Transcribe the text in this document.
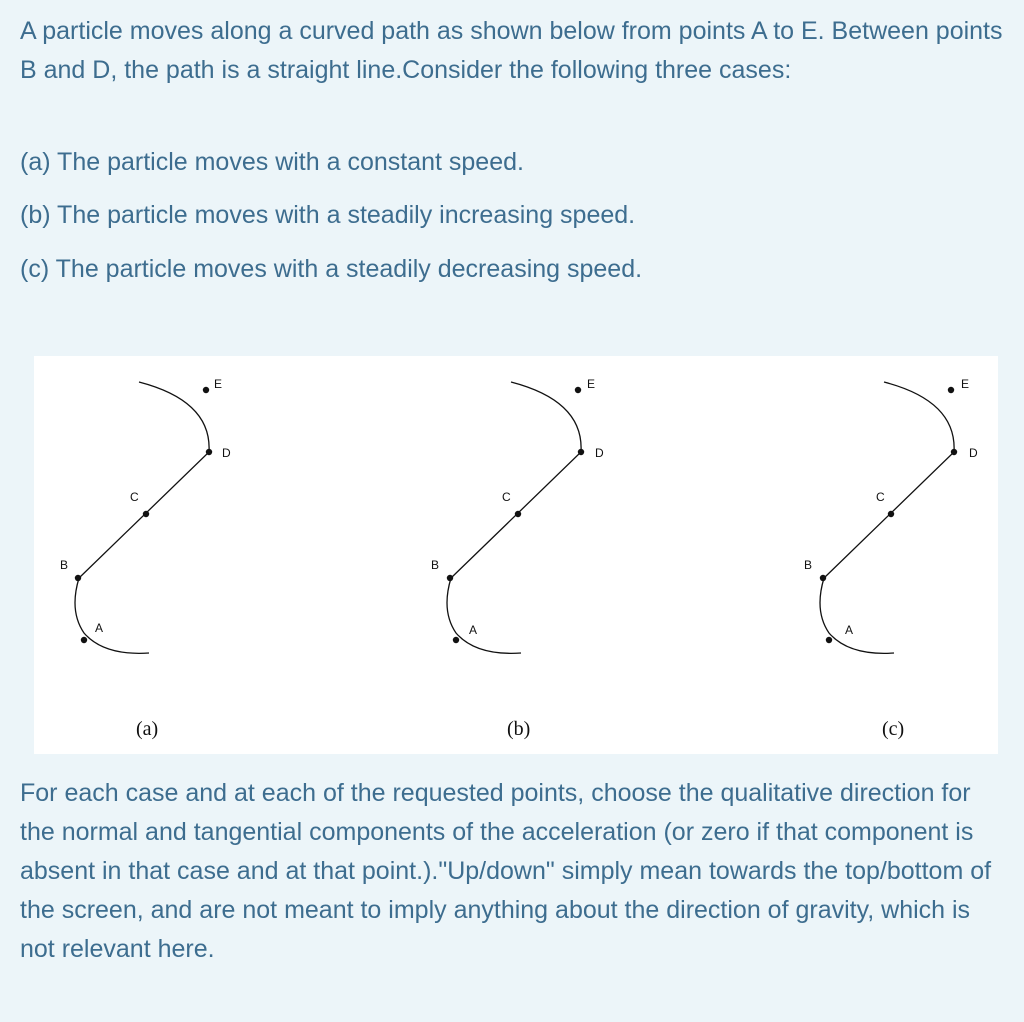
A particle moves along a curved path as shown below from points A to E. Between points B and D, the path is a straight line.Consider the following three cases:

(a) The particle moves with a constant speed.

(b) The particle moves with a steadily increasing speed.

(c) The particle moves with a steadily decreasing speed.

A
B
C
D
E
(a)
A
B
C
D
E
(b)
A
B
C
D
E
(c)

For each case and at each of the requested points, choose the qualitative direction for the normal and tangential components of the acceleration (or zero if that component is absent in that case and at that point.)."Up/down" simply mean towards the top/bottom of the screen, and are not meant to imply anything about the direction of gravity, which is not relevant here.
